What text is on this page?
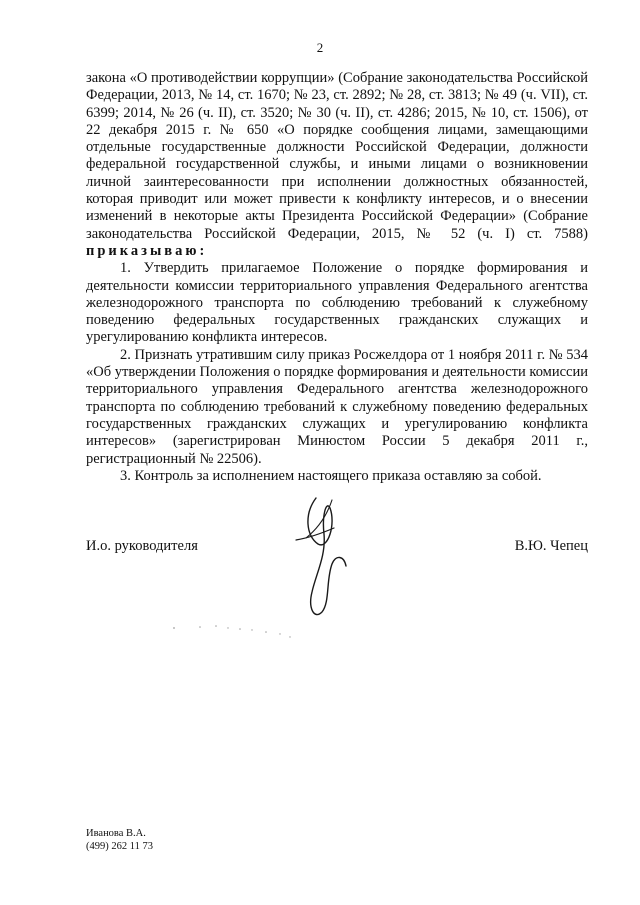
2

закона «О противодействии коррупции» (Собрание законодательства Российской Федерации, 2013, № 14, ст. 1670; № 23, ст. 2892; № 28, ст. 3813; № 49 (ч. VII), ст. 6399; 2014, № 26 (ч. II), ст. 3520; № 30 (ч. II), ст. 4286; 2015, № 10, ст. 1506), от 22 декабря 2015 г. № 650 «О порядке сообщения лицами, замещающими отдельные государственные должности Российской Федерации, должности федеральной государственной службы, и иными лицами о возникновении личной заинтересованности при исполнении должностных обязанностей, которая приводит или может привести к конфликту интересов, и о внесении изменений в некоторые акты Президента Российской Федерации» (Собрание законодательства Российской Федерации, 2015, № 52 (ч. I) ст. 7588) приказываю:

1. Утвердить прилагаемое Положение о порядке формирования и деятельности комиссии территориального управления Федерального агентства железнодорожного транспорта по соблюдению требований к служебному поведению федеральных государственных гражданских служащих и урегулированию конфликта интересов.

2. Признать утратившим силу приказ Росжелдора от 1 ноября 2011 г. № 534 «Об утверждении Положения о порядке формирования и деятельности комиссии территориального управления Федерального агентства железнодорожного транспорта по соблюдению требований к служебному поведению федеральных государственных гражданских служащих и урегулированию конфликта интересов» (зарегистрирован Минюстом России 5 декабря 2011 г., регистрационный № 22506).

3. Контроль за исполнением настоящего приказа оставляю за собой.

И.о. руководителя	В.Ю. Чепец
Иванова В.А.
(499) 262 11 73
